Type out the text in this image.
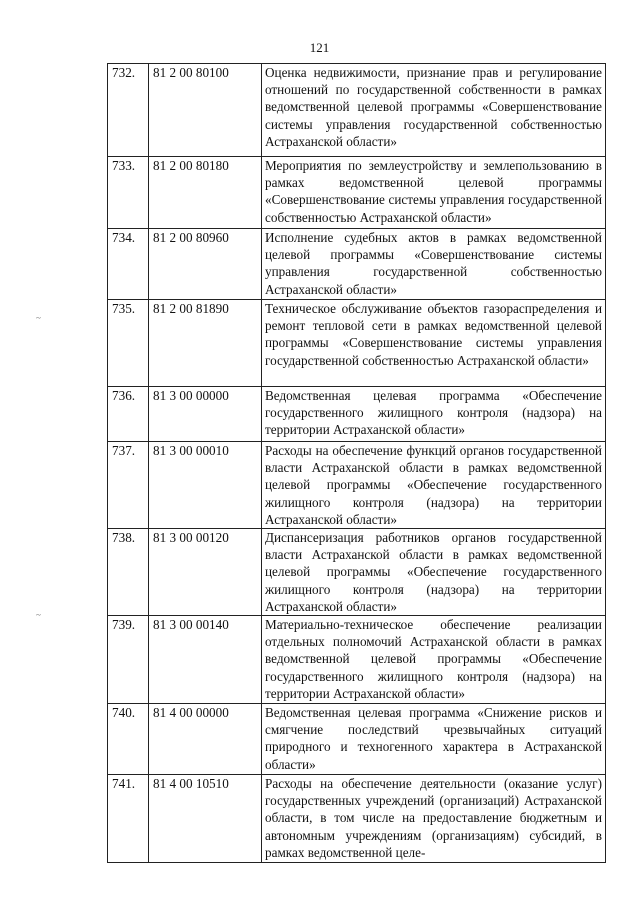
121
~
~
732.	81 2 00 80100	Оценка недвижимости, признание прав и регулирование отношений по государственной собственности в рамках ведомственной целевой программы «Совершенствование системы управления государственной собственностью Астраханской области»
733.	81 2 00 80180	Мероприятия по землеустройству и землепользованию в рамках ведомственной целевой программы «Совершенствование системы управления государственной собственностью Астраханской области»
734.	81 2 00 80960	Исполнение судебных актов в рамках ведомственной целевой программы «Совершенствование системы управления государственной собственностью Астраханской области»
735.	81 2 00 81890	Техническое обслуживание объектов газораспределения и ремонт тепловой сети в рамках ведомственной целевой программы «Совершенствование системы управления государственной собственностью Астраханской области»
736.	81 3 00 00000	Ведомственная целевая программа «Обеспечение государственного жилищного контроля (надзора) на территории Астраханской области»
737.	81 3 00 00010	Расходы на обеспечение функций органов государственной власти Астраханской области в рамках ведомственной целевой программы «Обеспечение государственного жилищного контроля (надзора) на территории Астраханской области»
738.	81 3 00 00120	Диспансеризация работников органов государственной власти Астраханской области в рамках ведомственной целевой программы «Обеспечение государственного жилищного контроля (надзора) на территории Астраханской области»
739.	81 3 00 00140	Материально-техническое обеспечение реализации отдельных полномочий Астраханской области в рамках ведомственной целевой программы «Обеспечение государственного жилищного контроля (надзора) на территории Астраханской области»
740.	81 4 00 00000	Ведомственная целевая программа «Снижение рисков и смягчение последствий чрезвычайных ситуаций природного и техногенного характера в Астраханской области»
741.	81 4 00 10510	Расходы на обеспечение деятельности (оказание услуг) государственных учреждений (организаций) Астраханской области, в том числе на предоставление бюджетным и автономным учреждениям (организациям) субсидий, в рамках ведомственной целе-
